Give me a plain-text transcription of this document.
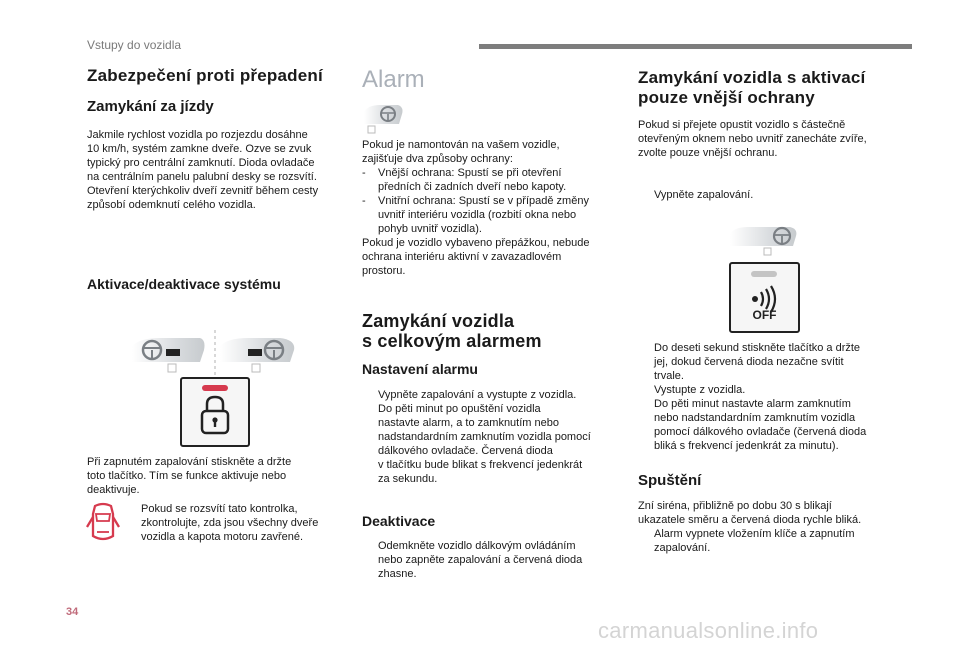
Vstupy do vozidla
Zabezpečení proti přepadení
Zamykání za jízdy
Jakmile rychlost vozidla po rozjezdu dosáhne
10 km/h, systém zamkne dveře. Ozve se zvuk
typický pro centrální zamknutí. Dioda ovladače
na centrálním panelu palubní desky se rozsvítí.
Otevření kterýchkoliv dveří zevnitř během cesty
způsobí odemknutí celého vozidla.
Aktivace/deaktivace systému
Při zapnutém zapalování stiskněte a držte
toto tlačítko. Tím se funkce aktivuje nebo
deaktivuje.
Pokud se rozsvítí tato kontrolka,
zkontrolujte, zda jsou všechny dveře
vozidla a kapota motoru zavřené.
Alarm
Pokud je namontován na vašem vozidle,
zajišťuje dva způsoby ochrany:
- Vnější ochrana: Spustí se při otevření
předních či zadních dveří nebo kapoty.
- Vnitřní ochrana: Spustí se v případě změny
uvnitř interiéru vozidla (rozbití okna nebo
pohyb uvnitř vozidla).
Pokud je vozidlo vybaveno přepážkou, nebude
ochrana interiéru aktivní v zavazadlovém
prostoru.
Zamykání vozidla
s celkovým alarmem
Nastavení alarmu
Vypněte zapalování a vystupte z vozidla.
Do pěti minut po opuštění vozidla
nastavte alarm, a to zamknutím nebo
nadstandardním zamknutím vozidla pomocí
dálkového ovladače. Červená dioda
v tlačítku bude blikat s frekvencí jedenkrát
za sekundu.
Deaktivace
Odemkněte vozidlo dálkovým ovládáním
nebo zapněte zapalování a červená dioda
zhasne.
Zamykání vozidla s aktivací
pouze vnější ochrany
Pokud si přejete opustit vozidlo s částečně
otevřeným oknem nebo uvnitř zanecháte zvíře,
zvolte pouze vnější ochranu.
Vypněte zapalování.
OFF
Do deseti sekund stiskněte tlačítko a držte
jej, dokud červená dioda nezačne svítit
trvale.
Vystupte z vozidla.
Do pěti minut nastavte alarm zamknutím
nebo nadstandardním zamknutím vozidla
pomocí dálkového ovladače (červená dioda
bliká s frekvencí jedenkrát za minutu).
Spuštění
Zní siréna, přibližně po dobu 30 s blikají
ukazatele směru a červená dioda rychle bliká.
Alarm vypnete vložením klíče a zapnutím
zapalování.
34
carmanualsonline.info
